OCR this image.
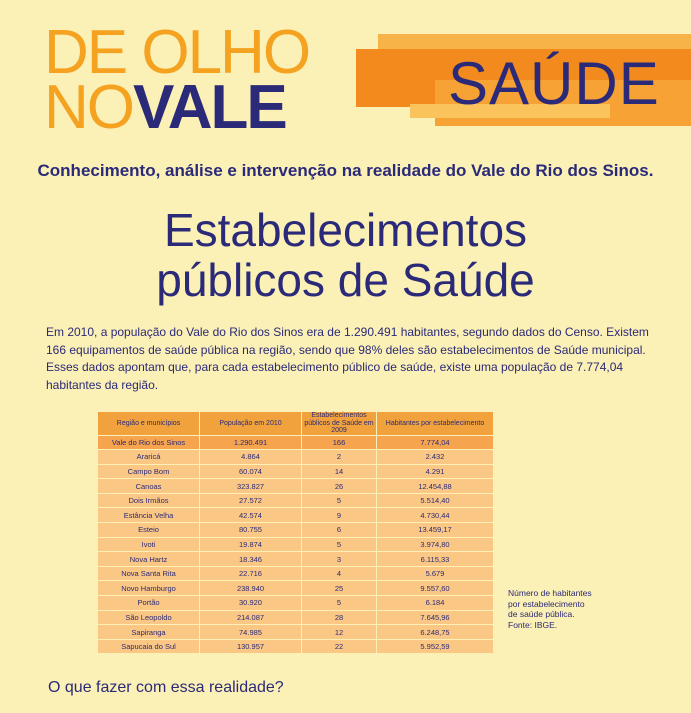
DE OLHO
NOVALE	SAÚDE

Conhecimento, análise e intervenção na realidade do Vale do Rio dos Sinos.

Estabelecimentos
públicos de Saúde

Em 2010, a população do Vale do Rio dos Sinos era de 1.290.491 habitantes, segundo dados do Censo. Existem 166 equipamentos de saúde pública na região, sendo que 98% deles são estabelecimentos de Saúde municipal. Esses dados apontam que, para cada estabelecimento público de saúde, existe uma população de 7.774,04 habitantes da região.

Região e municípios	População em 2010	Estabelecimentos públicos de Saúde em 2009	Habitantes por estabelecimento
Vale do Rio dos Sinos	1.290.491	166	7.774,04
Araricá	4.864	2	2.432
Campo Bom	60.074	14	4.291
Canoas	323.827	26	12.454,88
Dois Irmãos	27.572	5	5.514,40
Estância Velha	42.574	9	4.730,44
Esteio	80.755	6	13.459,17
Ivoti	19.874	5	3.974,80
Nova Hartz	18.346	3	6.115,33
Nova Santa Rita	22.716	4	5.679
Novo Hamburgo	238.940	25	9.557,60
Portão	30.920	5	6.184
São Leopoldo	214.087	28	7.645,96
Sapiranga	74.985	12	6.248,75
Sapucaia do Sul	130.957	22	5.952,59

Número de habitantes
por estabelecimento
de saúde pública.
Fonte: IBGE.

O que fazer com essa realidade?
